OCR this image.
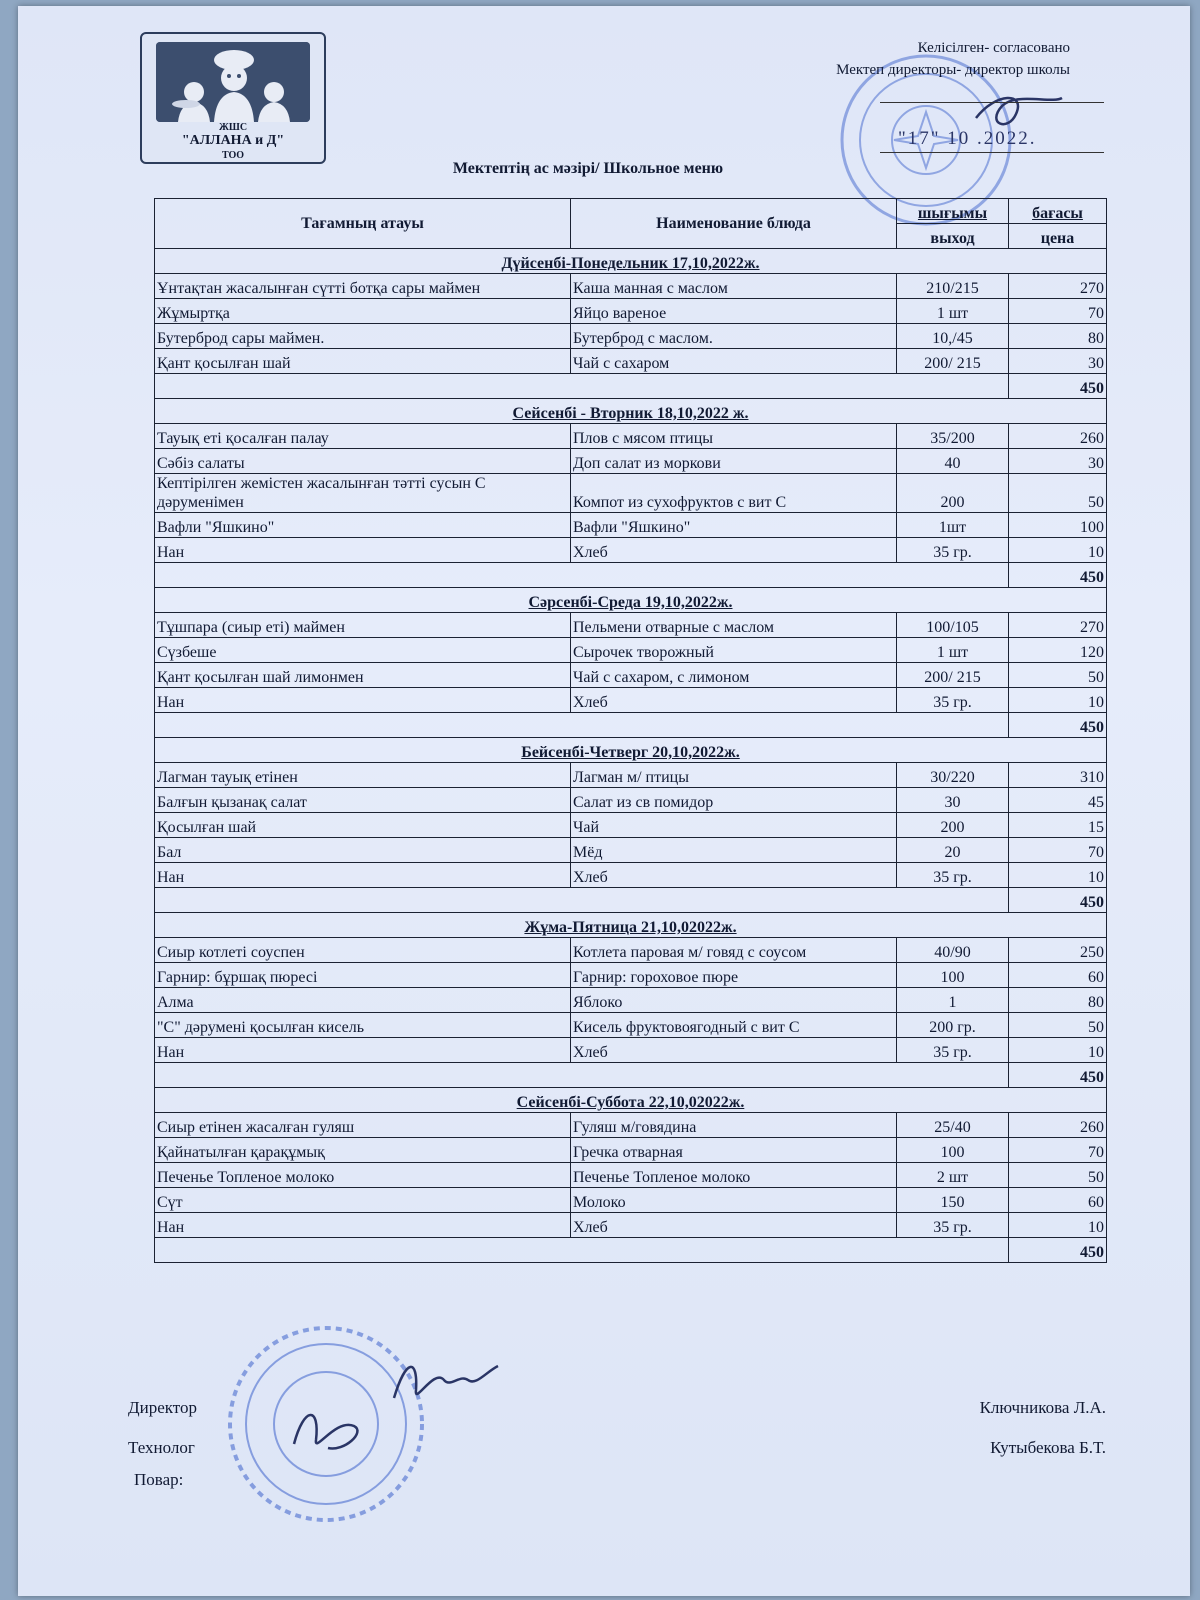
ЖШС
"АЛЛАНА и Д"
ТОО
Келісілген- согласовано
Мектеп директоры- директор школы
"17" 10 .2022.
Мектептің ас мәзірі/ Школьное меню
Тағамның атауы	Наименование блюда	шығымы	бағасы
		выход	цена
Дүйсенбі-Понедельник 17,10,2022ж.			
Ұнтақтан жасалынған сүтті ботқа сары маймен	Каша манная с маслом	210/215	270
Жұмыртқа	Яйцо вареное	1 шт	70
Бутерброд сары маймен.	Бутерброд с маслом.	10,/45	80
Қант қосылған шай	Чай с сахаром	200/ 215	30
			450
Сейсенбі - Вторник 18,10,2022 ж.			
Тауық еті қосалған палау	Плов с мясом птицы	35/200	260
Сәбіз салаты	Доп салат из моркови	40	30
Кептірілген жемістен жасалынған тәтті сусын С дәруменімен	Компот из сухофруктов с вит С	200	50
Вафли "Яшкино"	Вафли "Яшкино"	1шт	100
Нан	Хлеб	35 гр.	10
			450
Сәрсенбі-Среда 19,10,2022ж.			
Тұшпара (сиыр еті) маймен	Пельмени отварные с маслом	100/105	270
Сүзбеше	Сырочек творожный	1 шт	120
Қант қосылған шай лимонмен	Чай с сахаром, с лимоном	200/ 215	50
Нан	Хлеб	35 гр.	10
			450
Бейсенбі-Четверг 20,10,2022ж.			
Лагман тауық етінен	Лагман м/ птицы	30/220	310
Балғын қызанақ салат	Салат из св помидор	30	45
Қосылған шай	Чай	200	15
Бал	Мёд	20	70
Нан	Хлеб	35 гр.	10
			450
Жұма-Пятница 21,10,02022ж.			
Сиыр котлеті соуспен	Котлета паровая м/ говяд с соусом	40/90	250
Гарнир: бұршақ пюресі	Гарнир: гороховое пюре	100	60
Алма	Яблоко	1	80
"С" дәрумені қосылған кисель	Кисель фруктовоягодный с вит С	200 гр.	50
Нан	Хлеб	35 гр.	10
			450
Сейсенбі-Суббота 22,10,02022ж.			
Сиыр етінен жасалған гуляш	Гуляш м/говядина	25/40	260
Қайнатылған қарақұмық	Гречка отварная	100	70
Печенье Топленое молоко	Печенье Топленое молоко	2 шт	50
Сүт	Молоко	150	60
Нан	Хлеб	35 гр.	10
			450
Директор	Ключникова Л.А.
Технолог	Кутыбекова Б.Т.
Повар:
